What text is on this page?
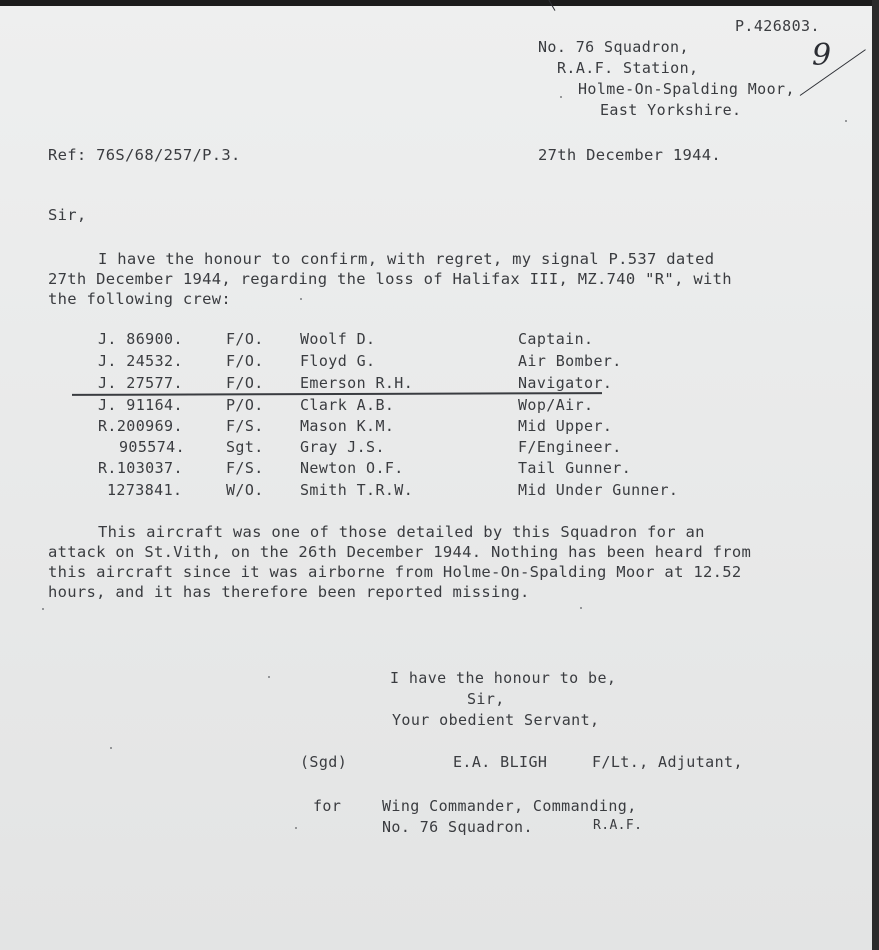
P.426803.
9
No. 76 Squadron,
R.A.F. Station,
Holme-On-Spalding Moor,
East Yorkshire.
Ref: 76S/68/257/P.3.	27th December 1944.
Sir,
I have the honour to confirm, with regret, my signal P.537 dated
27th December 1944, regarding the loss of Halifax III, MZ.740 "R", with
the following crew:
J. 86900.	F/O. Woolf D.	Captain.
J. 24532.	F/O. Floyd G.	Air Bomber.
J. 27577.	F/O. Emerson R.H.	Navigator.
J. 91164.	P/O. Clark A.B.	Wop/Air.
R.200969.	F/S. Mason K.M.	Mid Upper.
905574.	Sgt. Gray J.S.	F/Engineer.
R.103037.	F/S. Newton O.F.	Tail Gunner.
1273841.	W/O. Smith T.R.W.	Mid Under Gunner.
This aircraft was one of those detailed by this Squadron for an
attack on St.Vith, on the 26th December 1944. Nothing has been heard from
this aircraft since it was airborne from Holme-On-Spalding Moor at 12.52
hours, and it has therefore been reported missing.
I have the honour to be,
Sir,
Your obedient Servant,
(Sgd)	E.A. BLIGH	F/Lt., Adjutant,
for	Wing Commander, Commanding,
No. 76 Squadron.	R.A.F.
